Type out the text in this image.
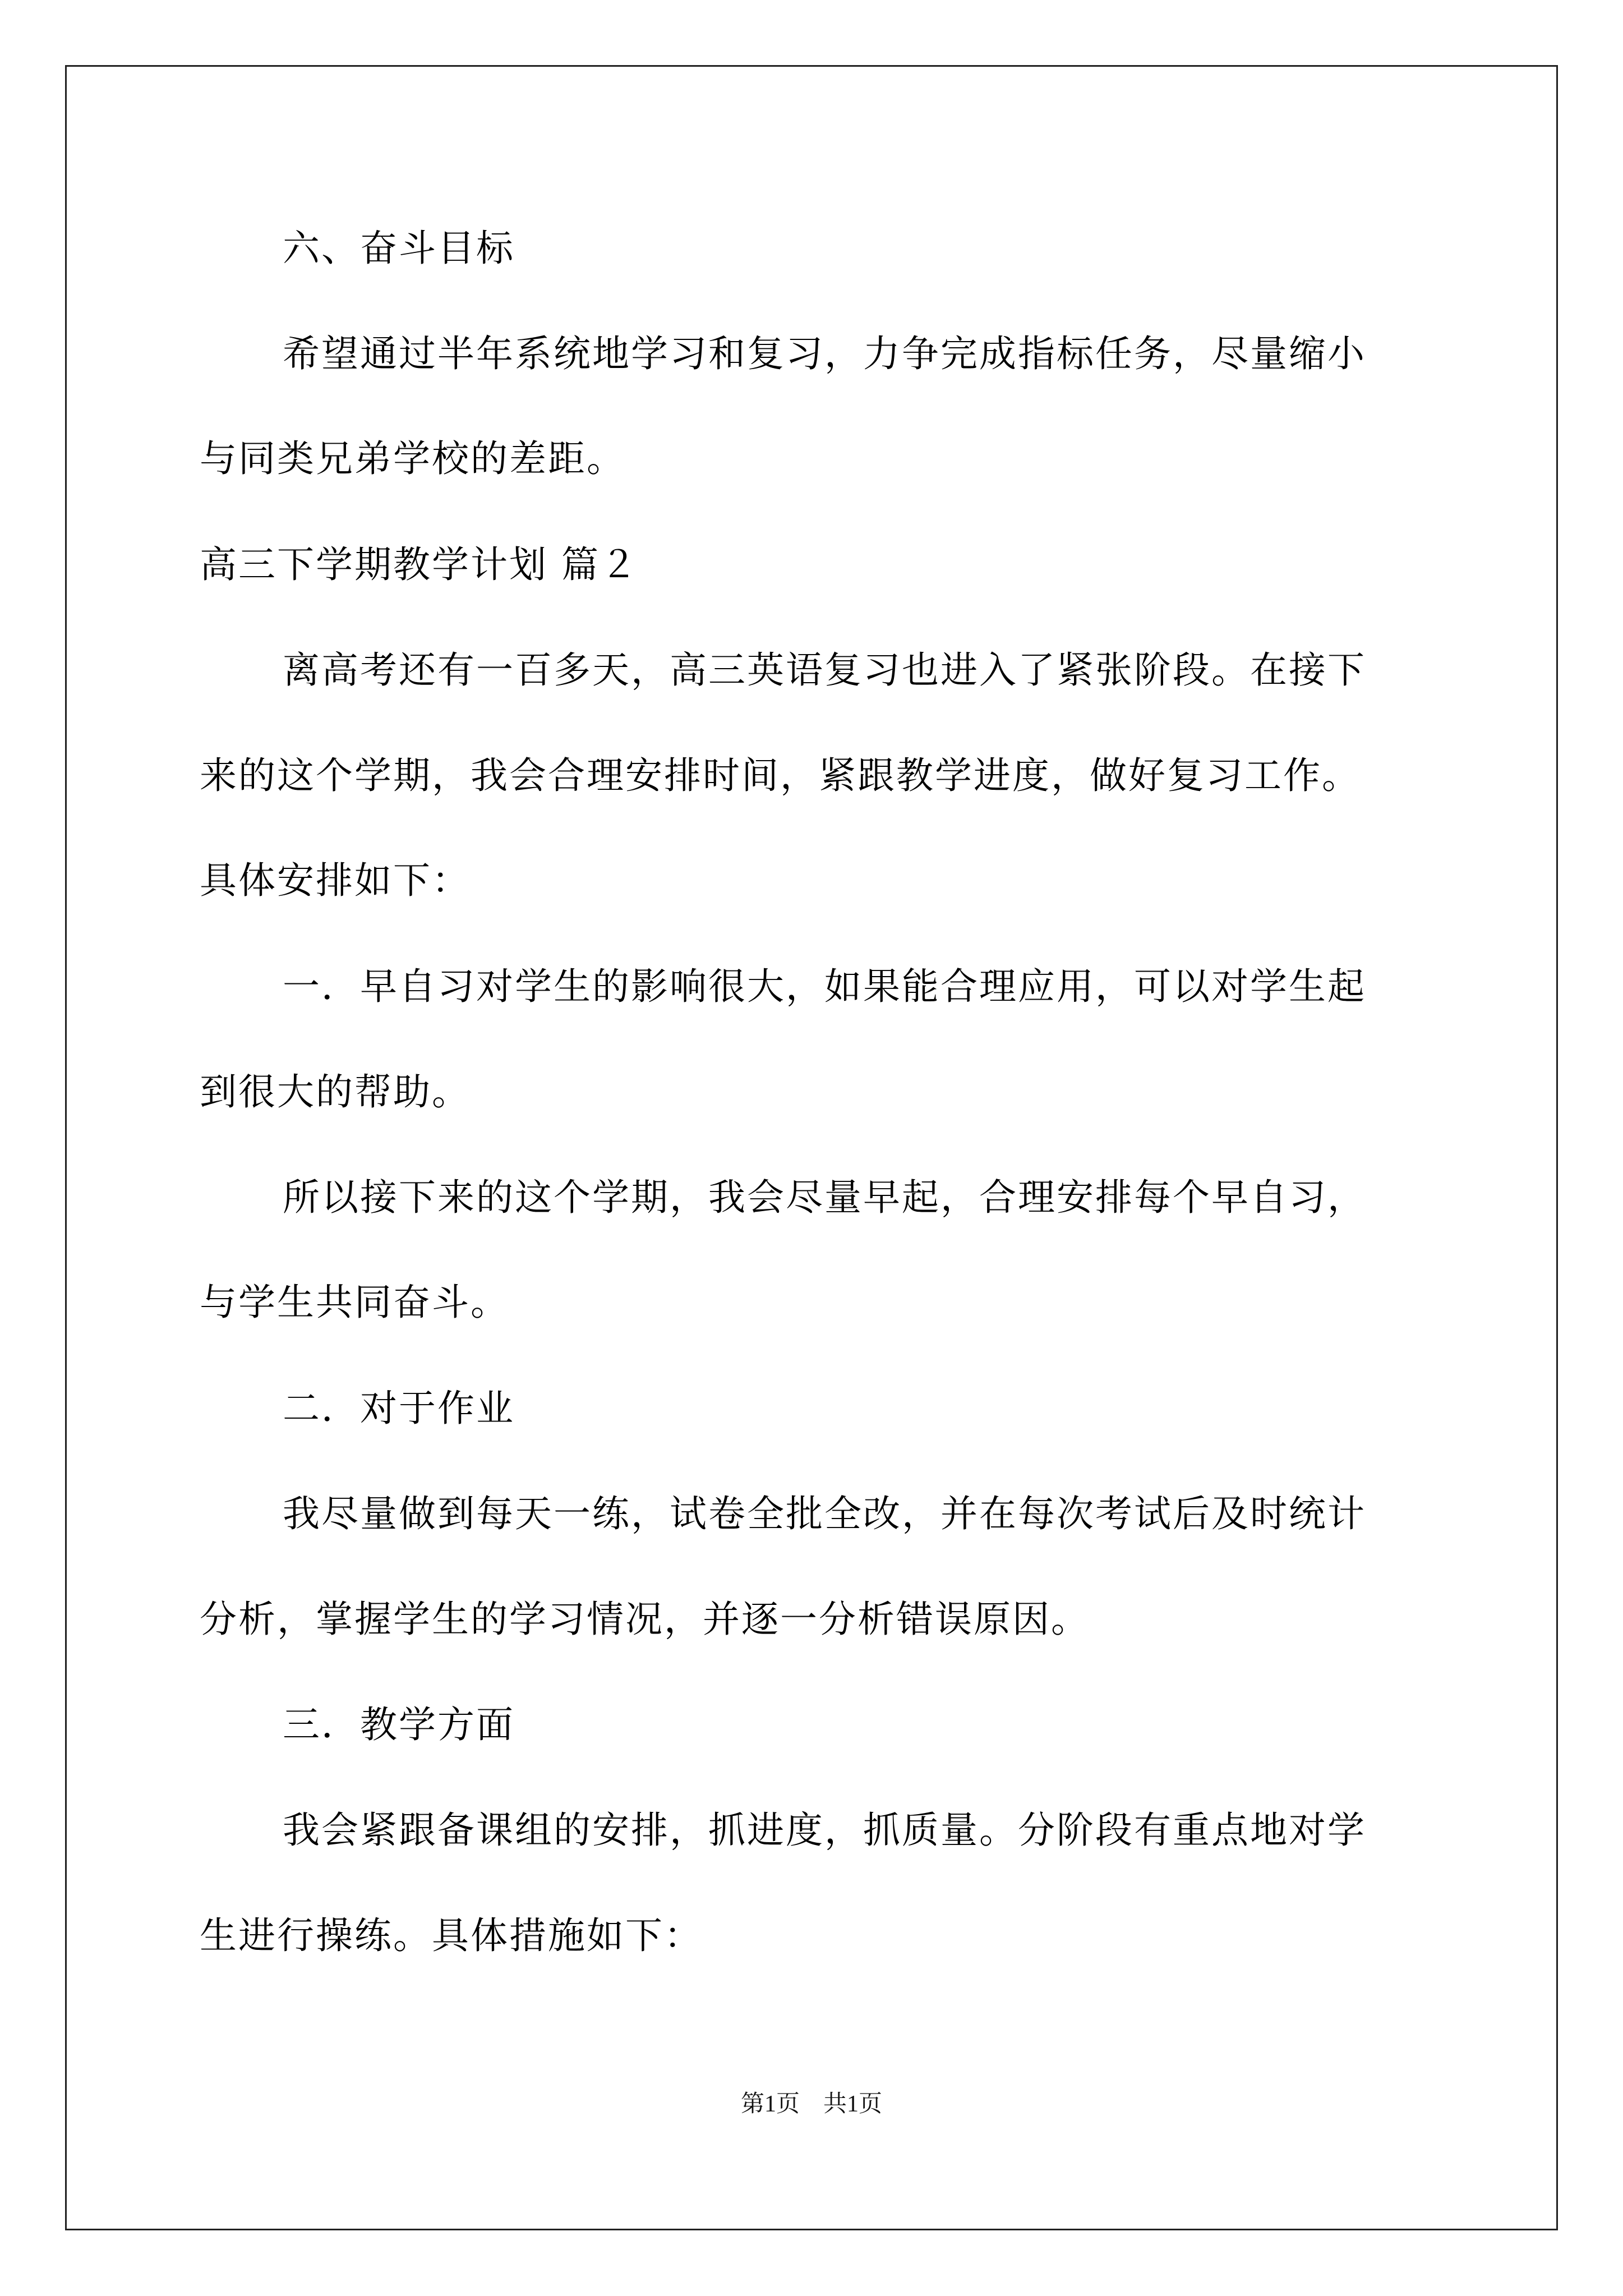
六、奋斗目标
希望通过半年系统地学习和复习，力争完成指标任务，尽量缩小
与同类兄弟学校的差距。
高三下学期教学计划 篇２
离高考还有一百多天，高三英语复习也进入了紧张阶段。在接下
来的这个学期，我会合理安排时间，紧跟教学进度，做好复习工作。
具体安排如下：
一．早自习对学生的影响很大，如果能合理应用，可以对学生起
到很大的帮助。
所以接下来的这个学期，我会尽量早起，合理安排每个早自习，
与学生共同奋斗。
二．对于作业
我尽量做到每天一练，试卷全批全改，并在每次考试后及时统计
分析，掌握学生的学习情况，并逐一分析错误原因。
三．教学方面
我会紧跟备课组的安排，抓进度，抓质量。分阶段有重点地对学
生进行操练。具体措施如下：
第1页　共1页
